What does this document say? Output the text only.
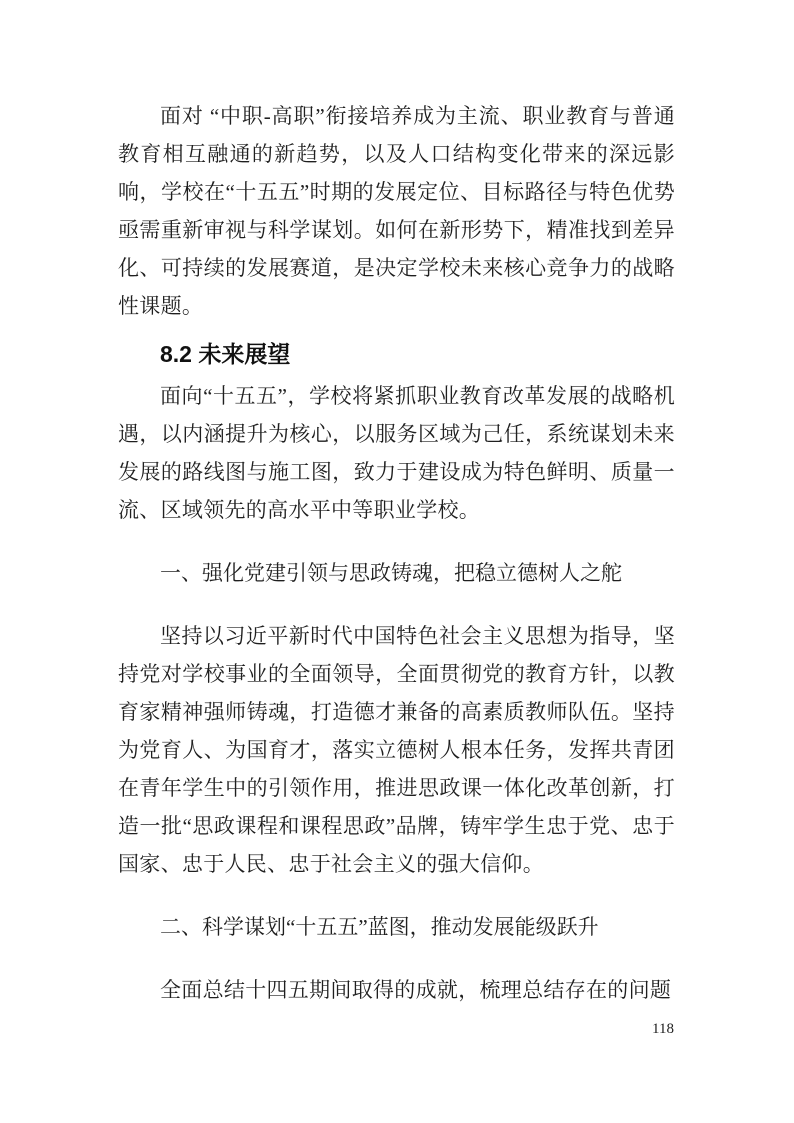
面对 “中职-高职”衔接培养成为主流、职业教育与普通教育相互融通的新趋势，以及人口结构变化带来的深远影响，学校在“十五五”时期的发展定位、目标路径与特色优势亟需重新审视与科学谋划。如何在新形势下，精准找到差异化、可持续的发展赛道，是决定学校未来核心竞争力的战略性课题。

8.2 未来展望

面向“十五五”，学校将紧抓职业教育改革发展的战略机遇，以内涵提升为核心，以服务区域为己任，系统谋划未来发展的路线图与施工图，致力于建设成为特色鲜明、质量一流、区域领先的高水平中等职业学校。

一、强化党建引领与思政铸魂，把稳立德树人之舵

坚持以习近平新时代中国特色社会主义思想为指导，坚持党对学校事业的全面领导，全面贯彻党的教育方针，以教育家精神强师铸魂，打造德才兼备的高素质教师队伍。坚持为党育人、为国育才，落实立德树人根本任务，发挥共青团在青年学生中的引领作用，推进思政课一体化改革创新，打造一批“思政课程和课程思政”品牌，铸牢学生忠于党、忠于国家、忠于人民、忠于社会主义的强大信仰。

二、科学谋划“十五五”蓝图，推动发展能级跃升

全面总结十四五期间取得的成就，梳理总结存在的问题

118
